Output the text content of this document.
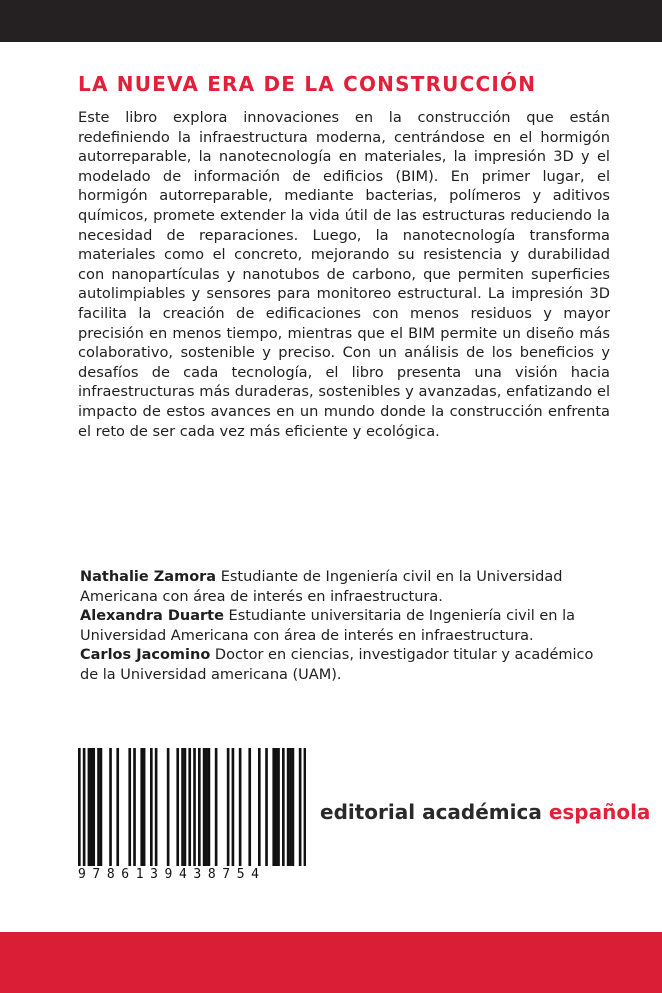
LA NUEVA ERA DE LA CONSTRUCCIÓN

Este libro explora innovaciones en la construcción que están redefiniendo la infraestructura moderna, centrándose en el hormigón autorreparable, la nanotecnología en materiales, la impresión 3D y el modelado de información de edificios (BIM). En primer lugar, el hormigón autorreparable, mediante bacterias, polímeros y aditivos químicos, promete extender la vida útil de las estructuras reduciendo la necesidad de reparaciones. Luego, la nanotecnología transforma materiales como el concreto, mejorando su resistencia y durabilidad con nanopartículas y nanotubos de carbono, que permiten superficies autolimpiables y sensores para monitoreo estructural. La impresión 3D facilita la creación de edificaciones con menos residuos y mayor precisión en menos tiempo, mientras que el BIM permite un diseño más colaborativo, sostenible y preciso. Con un análisis de los beneficios y desafíos de cada tecnología, el libro presenta una visión hacia infraestructuras más duraderas, sostenibles y avanzadas, enfatizando el impacto de estos avances en un mundo donde la construcción enfrenta el reto de ser cada vez más eficiente y ecológica.

Nathalie Zamora Estudiante de Ingeniería civil en la Universidad Americana con área de interés en infraestructura.

Alexandra Duarte Estudiante universitaria de Ingeniería civil en la Universidad Americana con área de interés en infraestructura.

Carlos Jacomino Doctor en ciencias, investigador titular y académico de la Universidad americana (UAM).

9786139438754
editorial académica española
